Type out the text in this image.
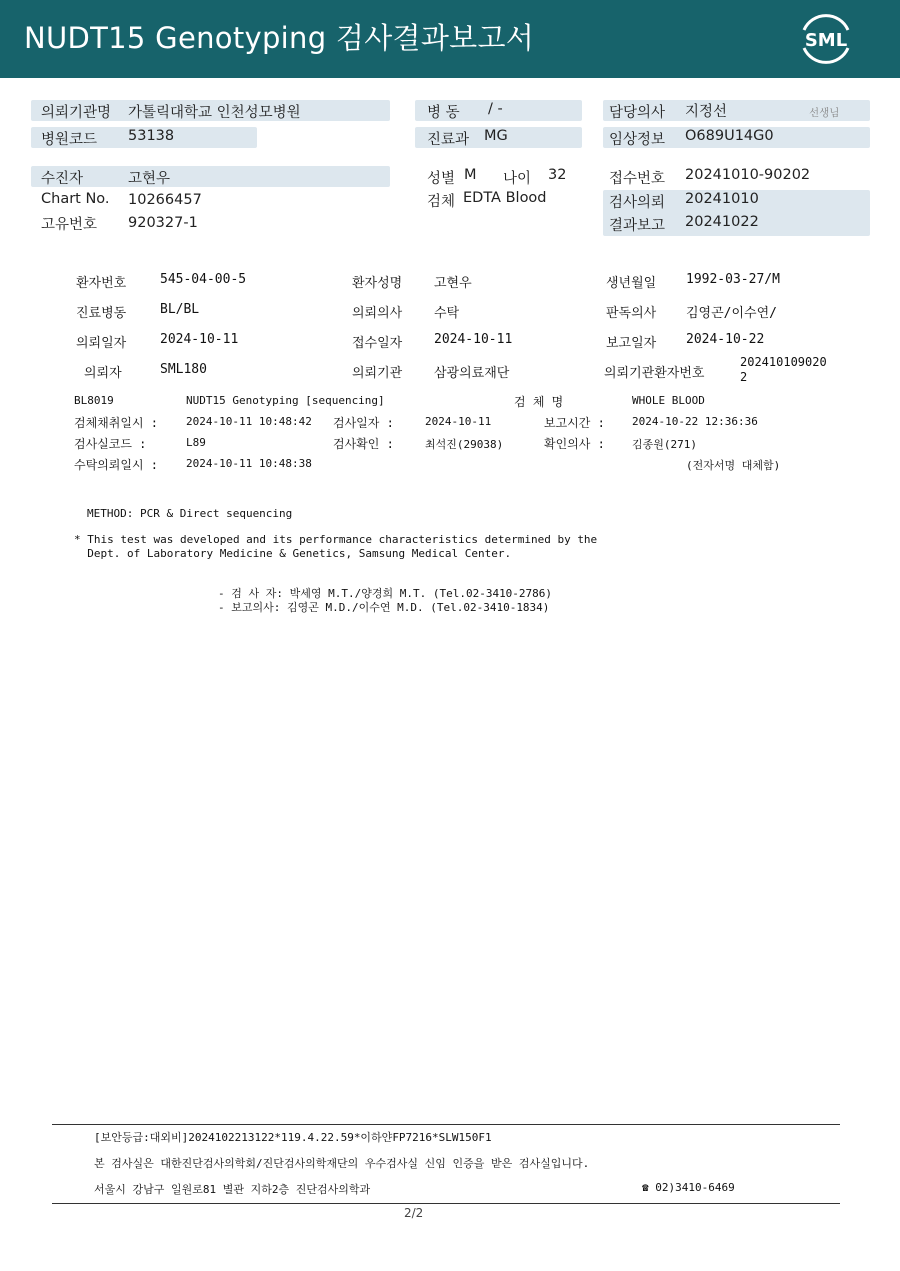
NUDT15 Genotyping 검사결과보고서	SML
의뢰기관명 가톨릭대학교 인천성모병원
병원코드 53138
병 동 / -
진료과 MG
담당의사 지정선	선생님
임상정보 O689U14G0
수진자	고현우
Chart No. 10266457
고유번호 920327-1
성별 M 나이 32
검체 EDTA Blood
접수번호 20241010-90202
검사의뢰 20241010
결과보고 20241022
환자번호	545-04-00-5	환자성명 고현우	생년월일 1992-03-27/M
진료병동	BL/BL	의뢰의사 수탁	판독의사 김영곤/이수연/
의뢰일자	2024-10-11	접수일자 2024-10-11	보고일자 2024-10-22
의뢰자	SML180	의뢰기관 삼광의료재단	의뢰기관환자번호
202410109020
2
BL8019	NUDT15 Genotyping [sequencing]	검 체 명	WHOLE BLOOD
검체채취일시 :	2024-10-11 10:48:42 검사일자 :	2024-10-11	보고시간 : 2024-10-22 12:36:36
검사실코드 :	L89	검사확인 :	최석진(29038)	확인의사 : 김종원(271)
수탁의뢰일시 :	2024-10-11 10:48:38	(전자서명 대체함)
METHOD: PCR & Direct sequencing
* This test was developed and its performance characteristics determined by the
Dept. of Laboratory Medicine & Genetics, Samsung Medical Center.
- 검 사 자: 박세영 M.T./양경희 M.T. (Tel.02-3410-2786)
- 보고의사: 김영곤 M.D./이수연 M.D. (Tel.02-3410-1834)
[보안등급:대외비]2024102213122*119.4.22.59*이하얀FP7216*SLW150F1
본 검사실은 대한진단검사의학회/진단검사의학재단의 우수검사실 신임 인증을 받은 검사실입니다.
서울시 강남구 일원로81 별관 지하2층 진단검사의학과	☎ 02)3410-6469
2/2
